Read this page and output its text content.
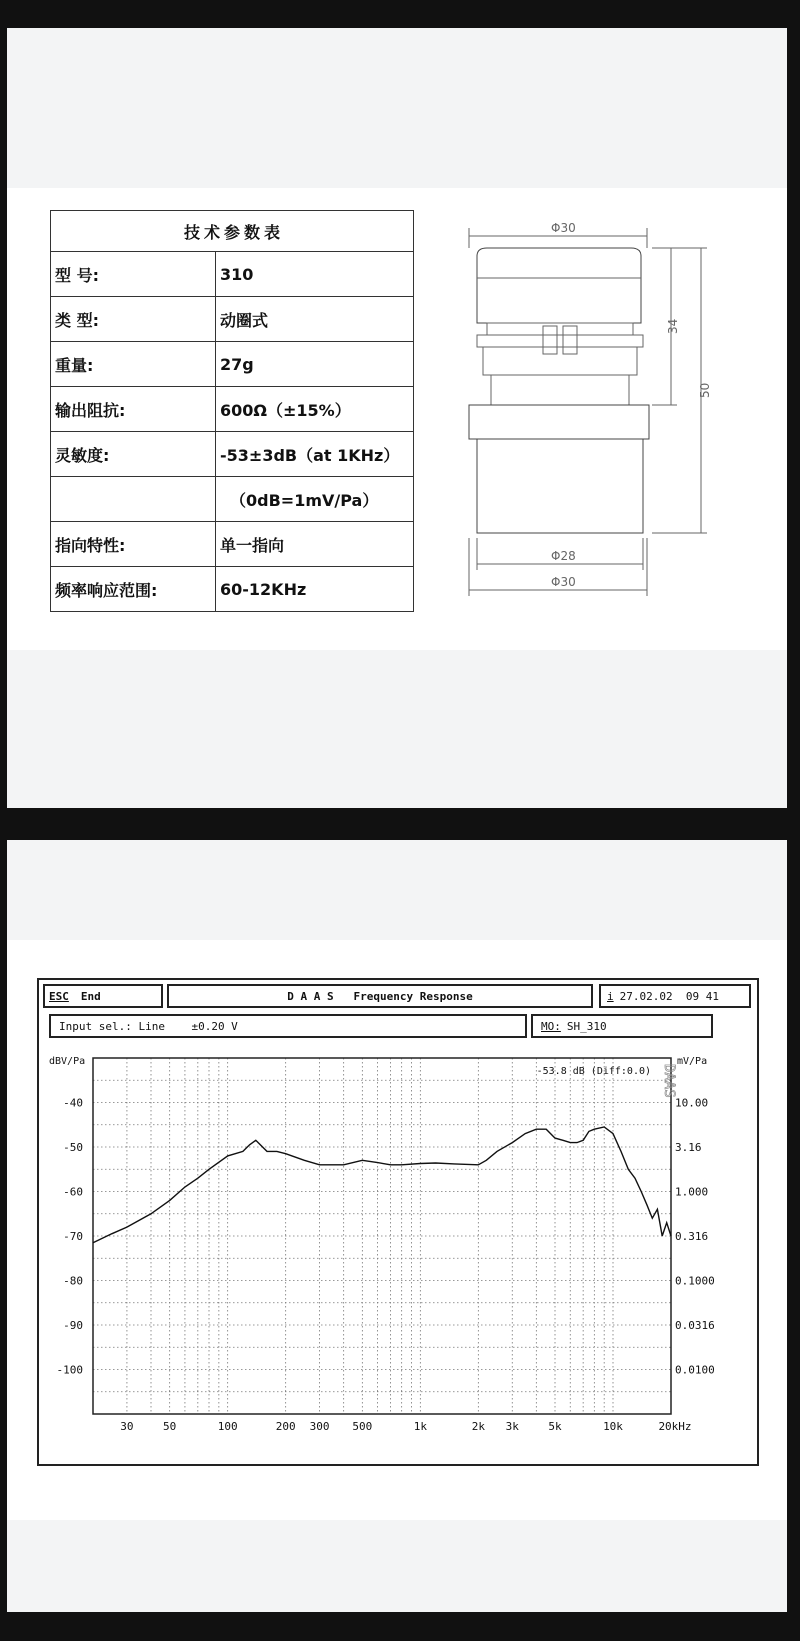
技术参数表	
型 号:	310
类 型:	动圈式
重量:	27g
输出阻抗:	600Ω（±15%）
灵敏度:	-53±3dB（at 1KHz）
	（0dB=1mV/Pa）
指向特性:	单一指向
频率响应范围:	60-12KHz
Φ30
34
50
Φ28
Φ30
ESC End	D A A S   Frequency Response	i 27.02.02  09 41
Input sel.: Line    ±0.20 V	MO: SH_310
dBV/Pa	mV/Pa
-40
-50
-60
-70
-80
-90
-100
10.00
3.16
1.000
0.316
0.1000
0.0316
0.0100
30	50	100	200 300 500	1k	2k 3k	5k	10k	20kHz
-53.8 dB (Diff:0.0) DAAS
